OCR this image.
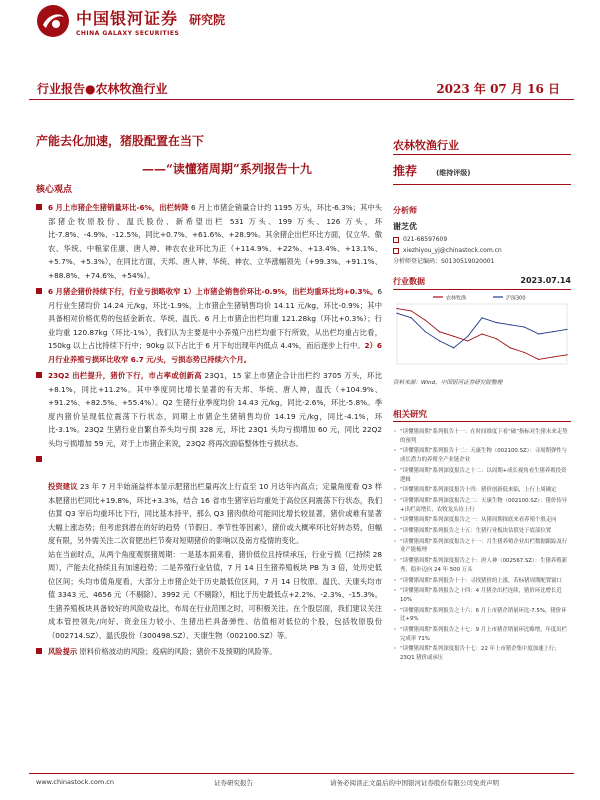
中国银河证券 研究院
CHINA GALAXY SECURITIES
行业报告●农林牧渔行业	2023 年 07 月 16 日
产能去化加速，猪股配置在当下
——“读懂猪周期”系列报告十九
核心观点
6 月上市猪企生猪销量环比-6%，出栏转降 6 月上市猪企销量合计约 1195 万头，环比-6.3%；其中头部猪企牧原股份、温氏股份、新希望出栏 531 万头、199 万头、126 万头，环比-7.8%、-4.9%、-12.5%，同比+0.7%、+61.6%、+28.9%。其余猪企出栏环比方面，仅立华、傲农、华统、中粮家佳康、唐人神、神农农业环比为正（+114.9%、+22%、+13.4%、+13.1%、+5.7%、+5.3%），在同比方面，天邦、唐人神、华统、神农、立华涨幅领先（+99.3%、+91.1%、+88.8%、+74.6%、+54%）。
6 月猪企猪价持续下行，行业亏损略收窄 1）上市猪企销售价环比-0.9%，出栏均重环比均+0.3%。6 月行业生猪均价 14.24 元/kg，环比-1.9%，上市猪企生猪销售均价 14.11 元/kg，环比-0.9%；其中具备相对价格优势的包括金新农、华统、温氏。6 月上市猪企出栏均重 121.28kg（环比+0.3%）；行业均重 120.87kg（环比-1%），我们认为主要是中小养殖户出栏均重下行所致，从出栏均重占比看，150kg 以上占比持续下行中；90kg 以下占比于 6 月下旬出现年内低点 4.4%，而后逐步上行中。2）6 月行业养殖亏损环比收窄 6.7 元/头，亏损态势已持续六个月。
23Q2 出栏提升，猪价下行，市占率或创新高 23Q1，15 家上市猪企合计出栏约 3705 万头，环比+8.1%，同比+11.2%。其中季度同比增长显著的有天邦、华统、唐人神，温氏（+104.9%、+91.2%、+82.5%、+55.4%）。Q2 生猪行业季度均价 14.43 元/kg，同比-2.6%，环比-5.8%。季度内猪价呈现低位震荡下行状态，同期上市猪企生猪销售均价 14.19 元/kg，同比-4.1%，环比-3.1%。23Q2 生猪行业自繁自养头均亏损 328 元，环比 23Q1 头均亏损增加 60 元，同比 22Q2 头均亏损增加 59 元，对于上市猪企来说，23Q2 将再次面临整体性亏损状态。

投资建议 23 年 7 月半始涌益样本显示肥猪出栏量再次上行直至 10 月达年内高点；定量角度看 Q3 样本肥猪出栏同比+19.8%，环比+3.3%，结合 16 省市生猪宰后均重处于高位区间震荡下行状态，我们估算 Q3 宰后均重环比下行，同比基本持平，那么 Q3 猪肉供给可能同比增长较显著，猪价或难有显著大幅上涨态势；但考虑到潜在的好的趋势（节假日、季节性等因素），猪价或大概率环比好转态势，但幅度有限，另外需关注二次育肥出栏节奏对短期猪价的影响以及南方疫情的变化。
站在当前时点，从两个角度观察猪周期：一是基本面来看，猪价低位且持续承压，行业亏损（已持续 28 周），产能去化持续且有加速趋势；二是养殖行业估值，7 月 14 日生猪养殖板块 PB 为 3 倍，处历史低位区间；头均市值角度看，大部分上市猪企处于历史最低位区间，7 月 14 日牧原、温氏、天康头均市值 3343 元、4656 元（不剔除）、3992 元（不剔除），相比于历史最低点+2.2%、-2.3%、-15.3%。生猪养殖板块具备较好的风险收益比，布局在行业范围之时，可积极关注。在个股层面，我们建议关注成本管控领先/向好、资金压力较小、生猪出栏具备弹性、估值相对低位的个股，包括牧原股份（002714.SZ）、温氏股份（300498.SZ）、天康生物（002100.SZ）等。

风险提示 原料价格波动的风险；疫病的风险；猪价不及预期的风险等。
农林牧渔行业
推荐	(维持评级)
分析师
谢芝优
021-68597609
xiezhiyou_yj@chinastock.com.cn
分析师登记编码：S0130519020001
行业数据	2023.07.14
农林牧渔	沪深300
资料来源：Wind、中国银河证券研究院整理
相关研究
· “读懂猪周期”系列报告十一：在时间维度下看“破”指标对生猪未来走势的预判
· “读懂猪周期”系列报告十二：天康生物（002100.SZ）：寻周期弹性与成长潜力的养殖全产业链企业
· “读懂猪周期”系列深度报告之十二：以周期+成长视角看生猪养殖投资逻辑
· “读懂猪周期”系列深度报告十四：猪价创新低来临，上行上周确定
· “读懂猪周期”系列深度报告之二：天康生物（002100.SZ）：猪价传导+出栏高增长，农牧龙头待上行
· “读懂猪周期”系列深度报告之一：从猪周期探底来看养殖个股走向
· “读懂猪周期”系列报告之十五：生猪行业板块估值处于底部位置
· “读懂猪周期”系列深度报告之十一：月生猪养殖企业出栏数据跟踪及行业产能梳理
· “读懂猪周期”系列深度报告之十：唐人神（002567.SZ）：生猪养殖新秀，稳步迈向 24 年 500 万头
· “读懂猪周期”系列报告十十：寻找猪价的上涨，若标猪周期配置窗口
· “读懂猪周期”系列报告之十四：4 月猪企出栏连续，猪价环比增长近 10%
· “读懂猪周期”系列报告之十六：6 月上市猪企销量环比-7.5%，猪价环比+9%
· “读懂猪周期”系列报告之十七：9 月上市猪企销量环比略增，年度出栏完成率 71%
· “读懂猪周期”系列深度报告十七：22 年上市猪企集中度加速上行；23Q1 猪价或承压
www.chinastock.com.cn	证券研究报告	请务必阅读正文最后的中国银河证券股份有限公司免责声明
